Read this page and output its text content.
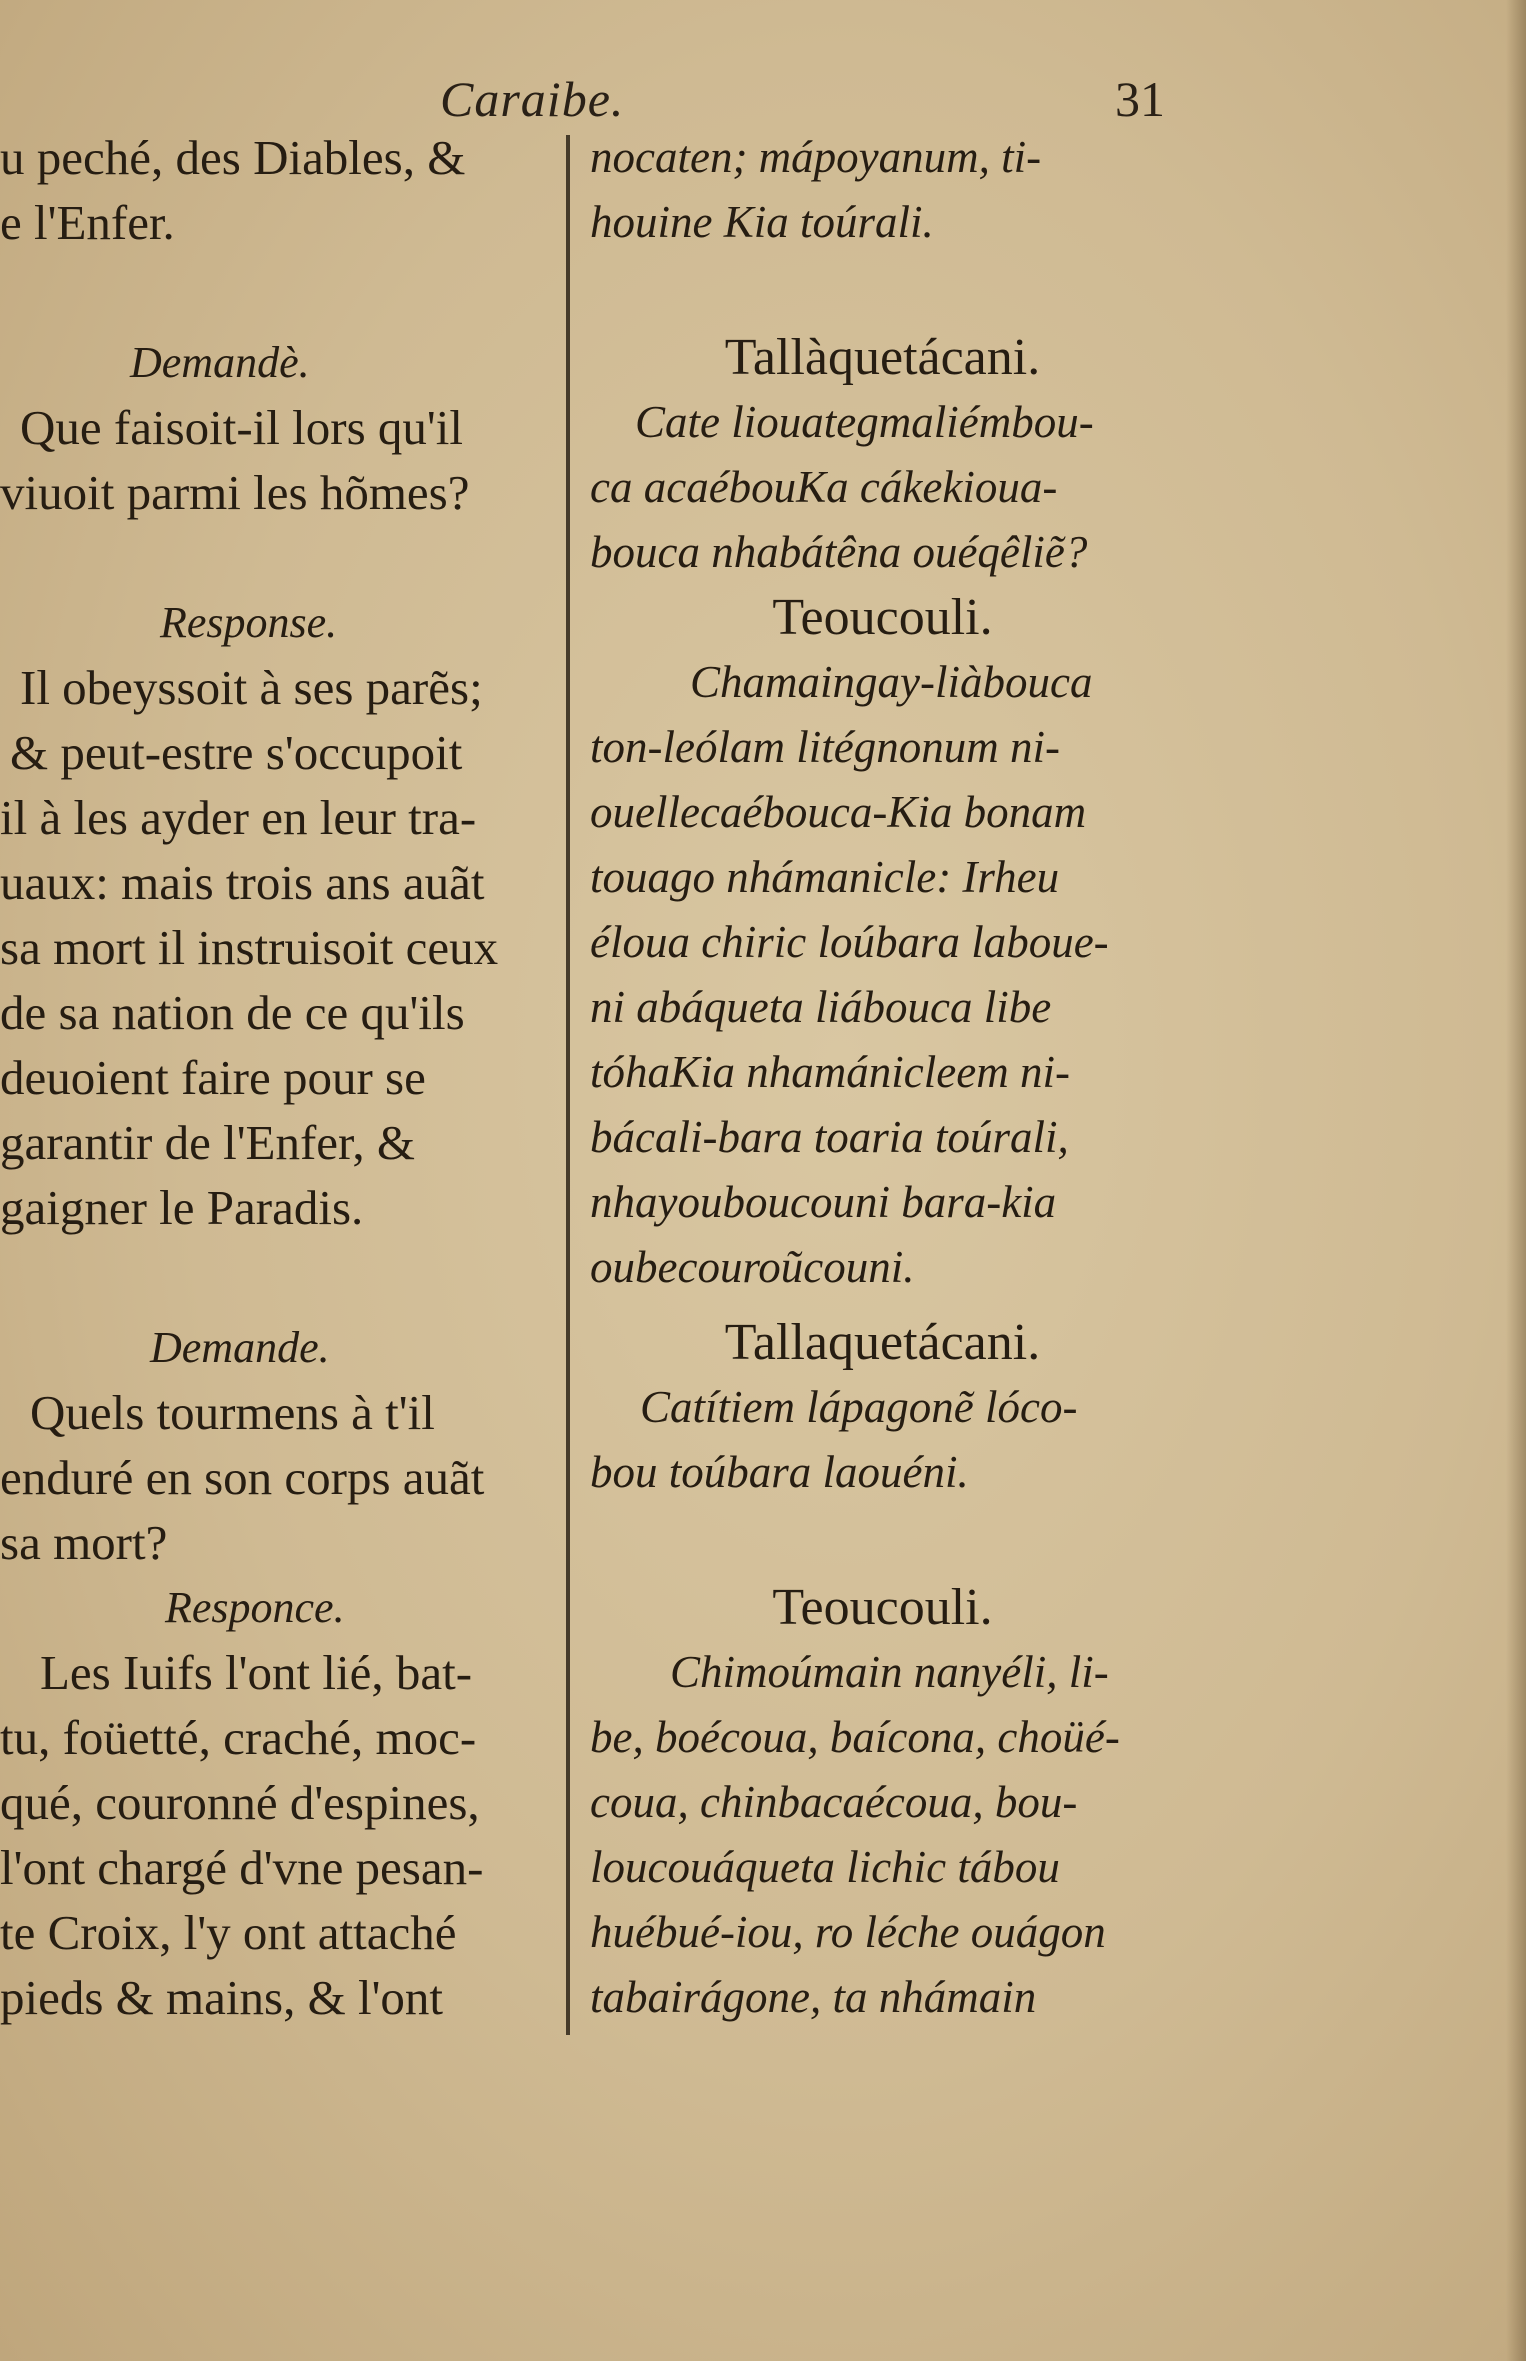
Caraibe.	31
u peché, des Diables, &
e l'Enfer.
Demandè.
Que faisoit-il lors qu'il
viuoit parmi les hõmes?
Response.
Il obeyssoit à ses parẽs;
& peut-estre s'occupoit
il à les ayder en leur tra-
uaux: mais trois ans auãt
sa mort il instruisoit ceux
de sa nation de ce qu'ils
deuoient faire pour se
garantir de l'Enfer, &
gaigner le Paradis.
Demande.
Quels tourmens à t'il
enduré en son corps auãt
sa mort?
Responce.
Les Iuifs l'ont lié, bat-
tu, foüetté, craché, moc-
qué, couronné d'espines,
l'ont chargé d'vne pesan-
te Croix, l'y ont attaché
pieds & mains, & l'ont
nocaten; mápoyanum, ti-
houine Kia toúrali.
Tallàquetácani.
Cate liouategmaliémbou-
ca acaébouKa cákekioua-
bouca nhabátêna ouéqêliẽ?
Teoucouli.
Chamaingay-liàbouca
ton-leólam litégnonum ni-
ouellecaébouca-Kia bonam
touago nhámanicle: Irheu
éloua chiric loúbara laboue-
ni abáqueta liábouca libe
tóhaKia nhamánicleem ni-
bácali-bara toaria toúrali,
nhayouboucouni bara-kia
oubecouroũcouni.
Tallaquetácani.
Catítiem lápagonẽ lóco-
bou toúbara laouéni.
Teoucouli.
Chimoúmain nanyéli, li-
be, boécoua, baícona, choüé-
coua, chinbacaécoua, bou-
loucouáqueta lichic tábou
huébué-iou, ro léche ouágon
tabairágone, ta nhámain
